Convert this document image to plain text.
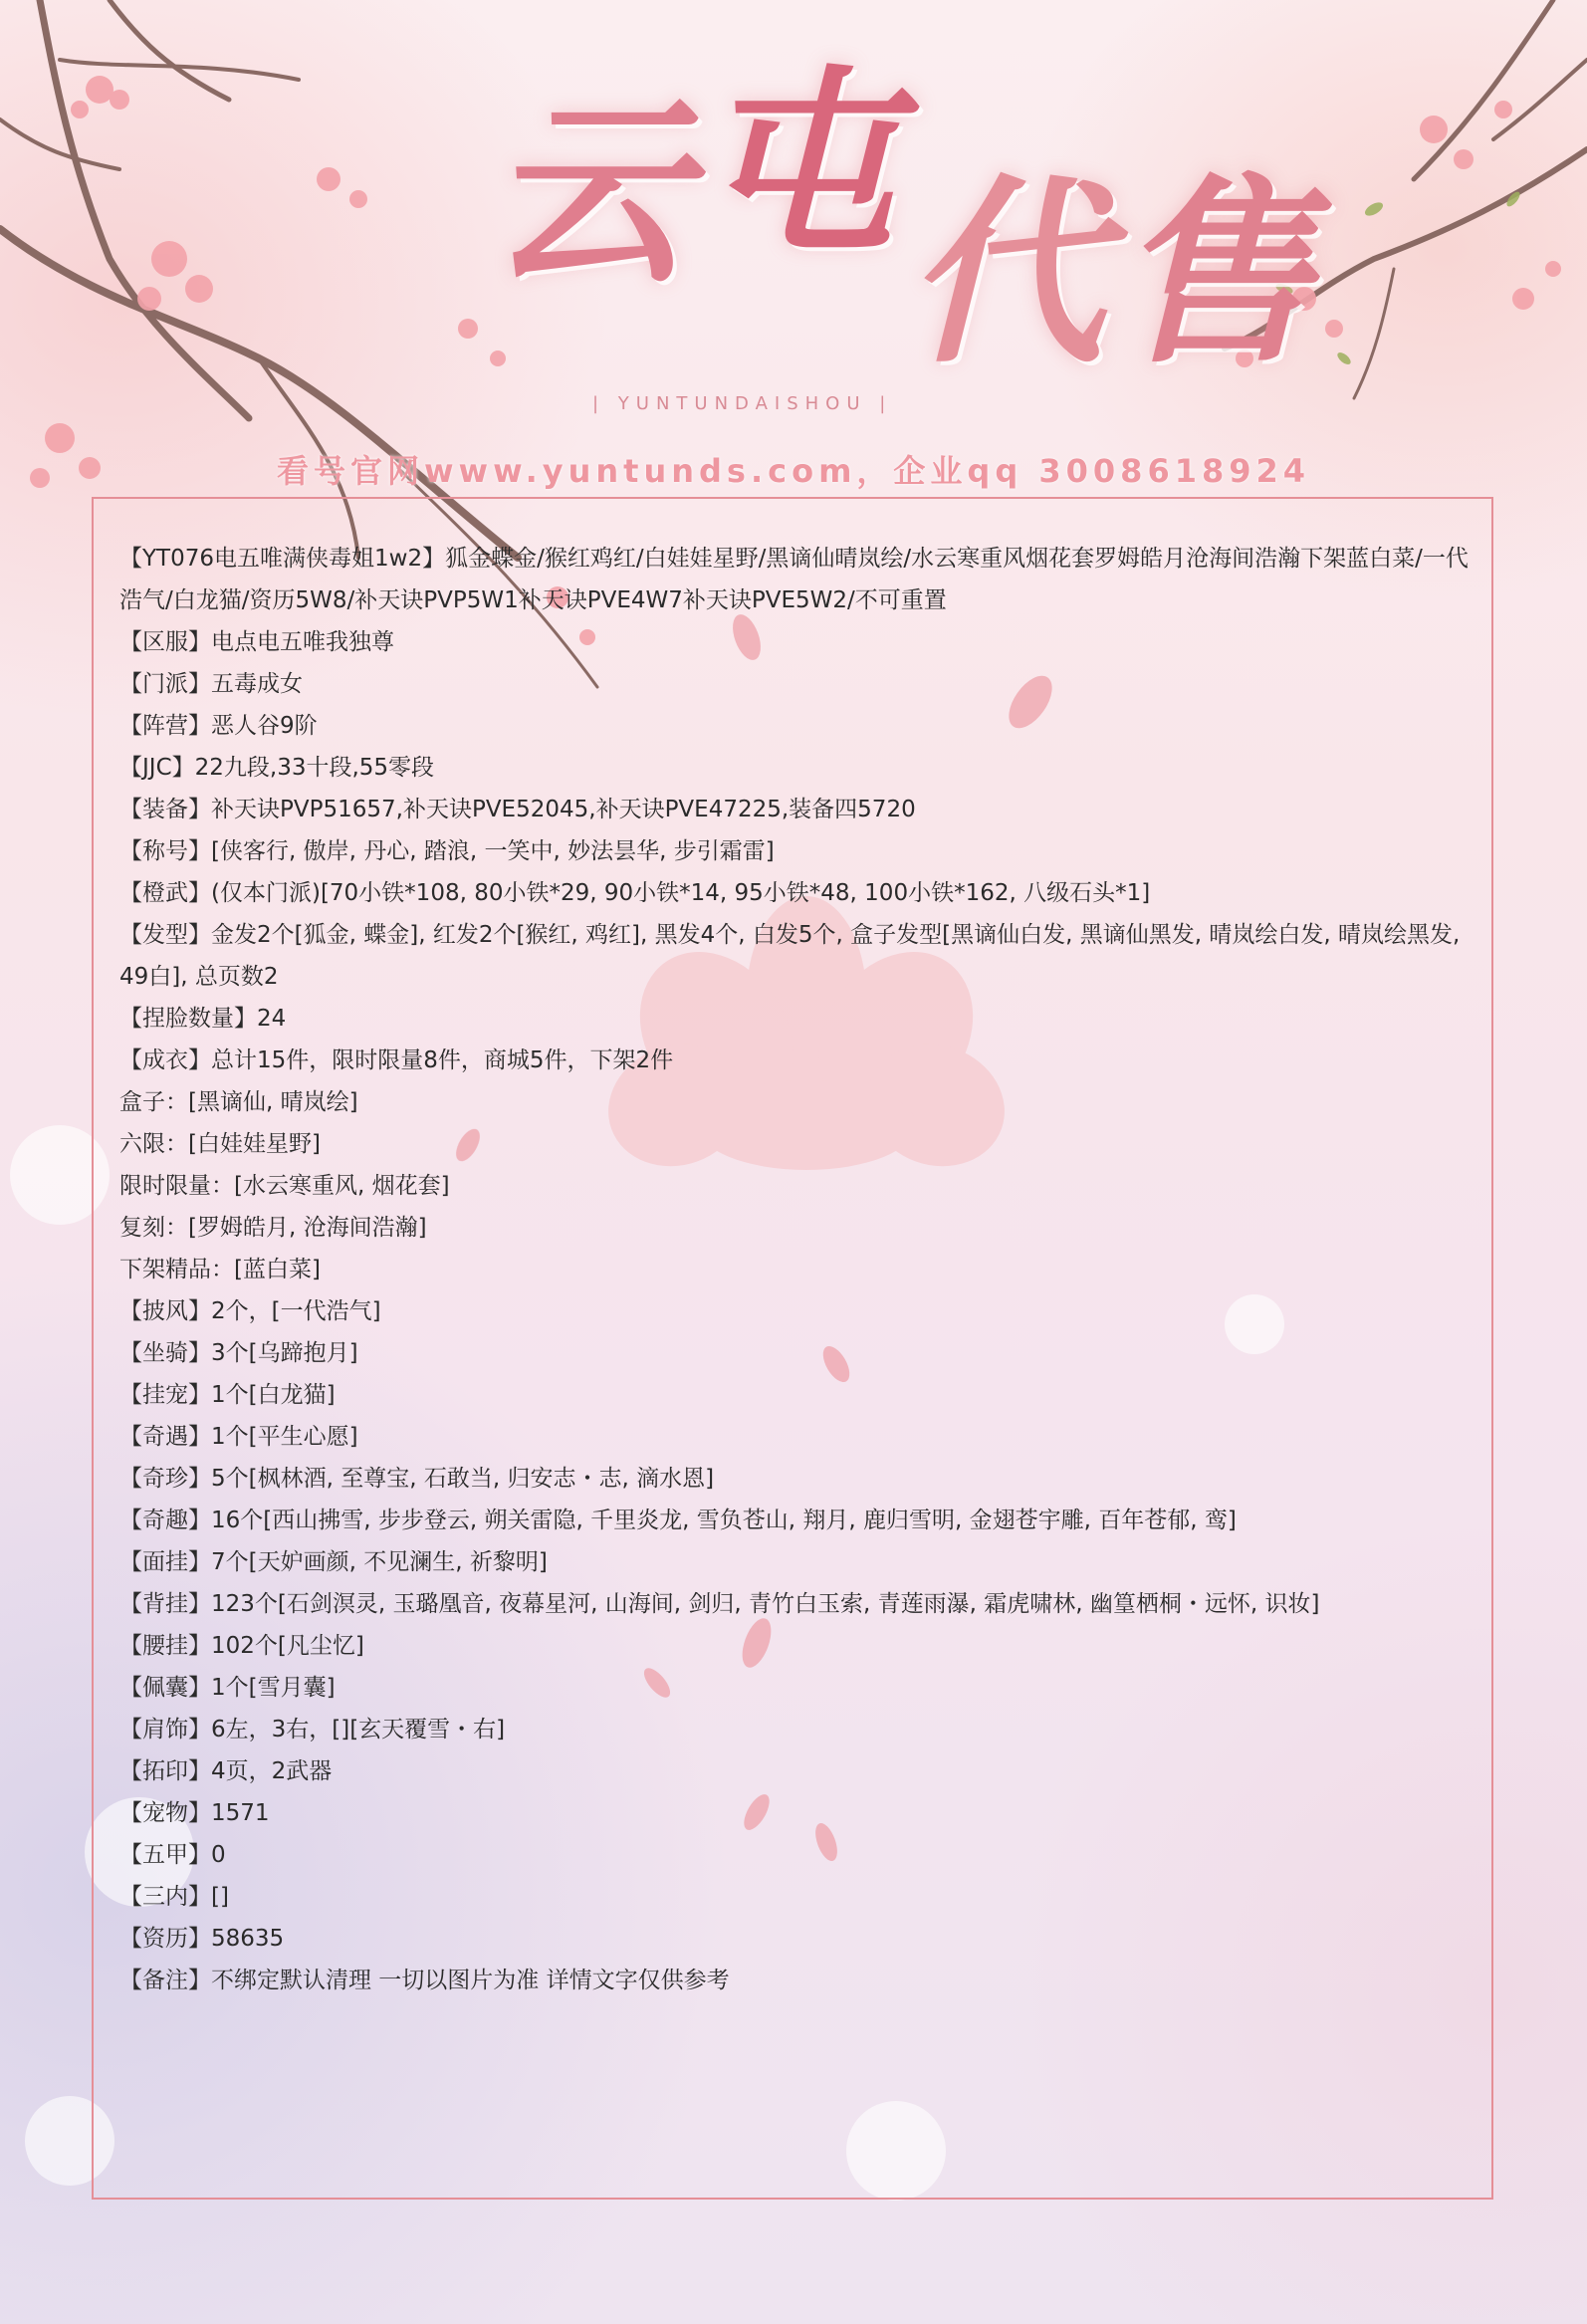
云屯代售
| YUNTUNDAISHOU |
看号官网www.yuntunds.com，企业qq 3008618924
【YT076电五唯满侠毒姐1w2】狐金蝶金/猴红鸡红/白娃娃星野/黑谪仙晴岚绘/水云寒重风烟花套罗姆皓月沧海间浩瀚下架蓝白菜/一代浩气/白龙猫/资历5W8/补天诀PVP5W1补天诀PVE4W7补天诀PVE5W2/不可重置
【区服】电点电五唯我独尊
【门派】五毒成女
【阵营】恶人谷9阶
【JJC】22九段,33十段,55零段
【装备】补天诀PVP51657,补天诀PVE52045,补天诀PVE47225,装备四5720
【称号】[侠客行, 傲岸, 丹心, 踏浪, 一笑中, 妙法昙华, 步引霜雷]
【橙武】(仅本门派)[70小铁*108, 80小铁*29, 90小铁*14, 95小铁*48, 100小铁*162, 八级石头*1]
【发型】金发2个[狐金, 蝶金], 红发2个[猴红, 鸡红], 黑发4个, 白发5个, 盒子发型[黑谪仙白发, 黑谪仙黑发, 晴岚绘白发, 晴岚绘黑发, 49白], 总页数2
【捏脸数量】24
【成衣】总计15件，限时限量8件，商城5件，下架2件
盒子：[黑谪仙, 晴岚绘]
六限：[白娃娃星野]
限时限量：[水云寒重风, 烟花套]
复刻：[罗姆皓月, 沧海间浩瀚]
下架精品：[蓝白菜]
【披风】2个，[一代浩气]
【坐骑】3个[乌蹄抱月]
【挂宠】1个[白龙猫]
【奇遇】1个[平生心愿]
【奇珍】5个[枫林酒, 至尊宝, 石敢当, 归安志・志, 滴水恩]
【奇趣】16个[西山拂雪, 步步登云, 朔关雷隐, 千里炎龙, 雪负苍山, 翔月, 鹿归雪明, 金翅苍宇雕, 百年苍郁, 鸾]
【面挂】7个[天妒画颜, 不见澜生, 祈黎明]
【背挂】123个[石剑溟灵, 玉璐凰音, 夜幕星河, 山海间, 剑归, 青竹白玉索, 青莲雨瀑, 霜虎啸林, 幽篁栖桐・远怀, 识妆]
【腰挂】102个[凡尘忆]
【佩囊】1个[雪月囊]
【肩饰】6左，3右，[][玄天覆雪・右]
【拓印】4页，2武器
【宠物】1571
【五甲】0
【三内】[]
【资历】58635
【备注】不绑定默认清理 一切以图片为准 详情文字仅供参考
